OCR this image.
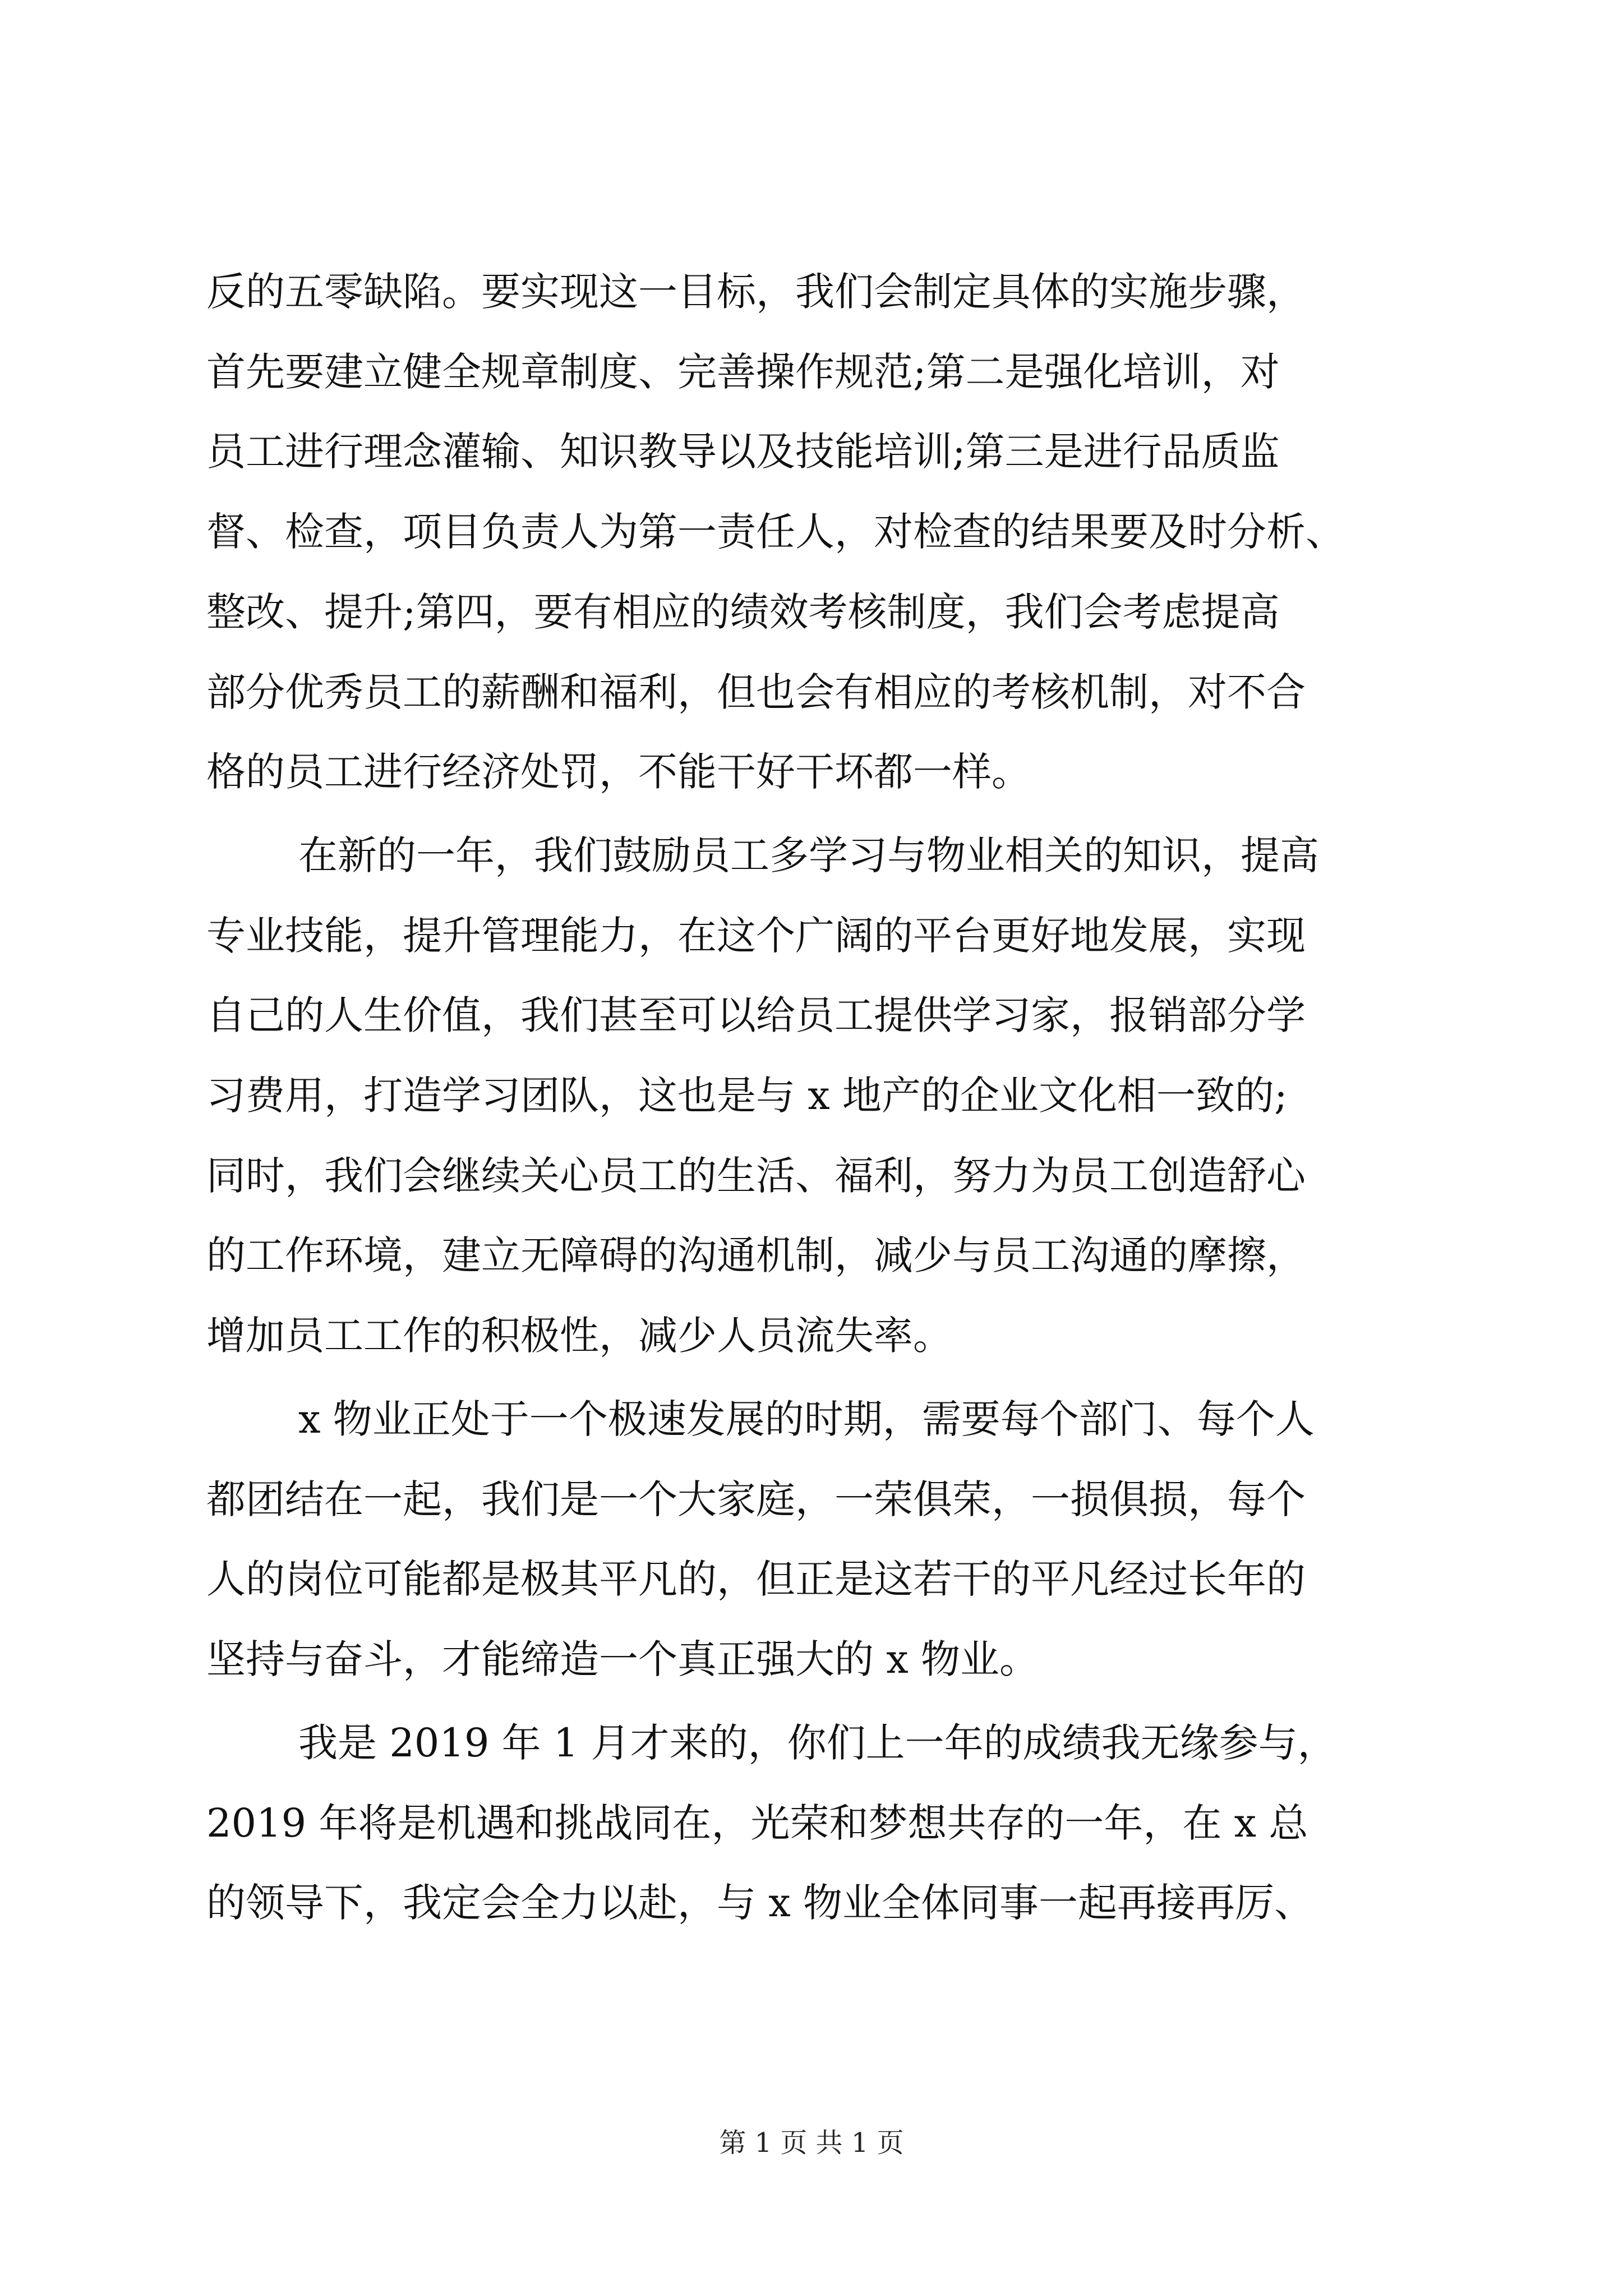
反的五零缺陷。要实现这一目标，我们会制定具体的实施步骤，
首先要建立健全规章制度、完善操作规范;第二是强化培训，对
员工进行理念灌输、知识教导以及技能培训;第三是进行品质监
督、检查，项目负责人为第一责任人，对检查的结果要及时分析、
整改、提升;第四，要有相应的绩效考核制度，我们会考虑提高
部分优秀员工的薪酬和福利，但也会有相应的考核机制，对不合
格的员工进行经济处罚，不能干好干坏都一样。
在新的一年，我们鼓励员工多学习与物业相关的知识，提高
专业技能，提升管理能力，在这个广阔的平台更好地发展，实现
自己的人生价值，我们甚至可以给员工提供学习家，报销部分学
习费用，打造学习团队，这也是与 x 地产的企业文化相一致的;
同时，我们会继续关心员工的生活、福利，努力为员工创造舒心
的工作环境，建立无障碍的沟通机制，减少与员工沟通的摩擦，
增加员工工作的积极性，减少人员流失率。
x 物业正处于一个极速发展的时期，需要每个部门、每个人
都团结在一起，我们是一个大家庭，一荣俱荣，一损俱损，每个
人的岗位可能都是极其平凡的，但正是这若干的平凡经过长年的
坚持与奋斗，才能缔造一个真正强大的 x 物业。
我是 2019 年 1 月才来的，你们上一年的成绩我无缘参与，
2019 年将是机遇和挑战同在，光荣和梦想共存的一年，在 x 总
的领导下，我定会全力以赴，与 x 物业全体同事一起再接再厉、
第 1 页 共 1 页
